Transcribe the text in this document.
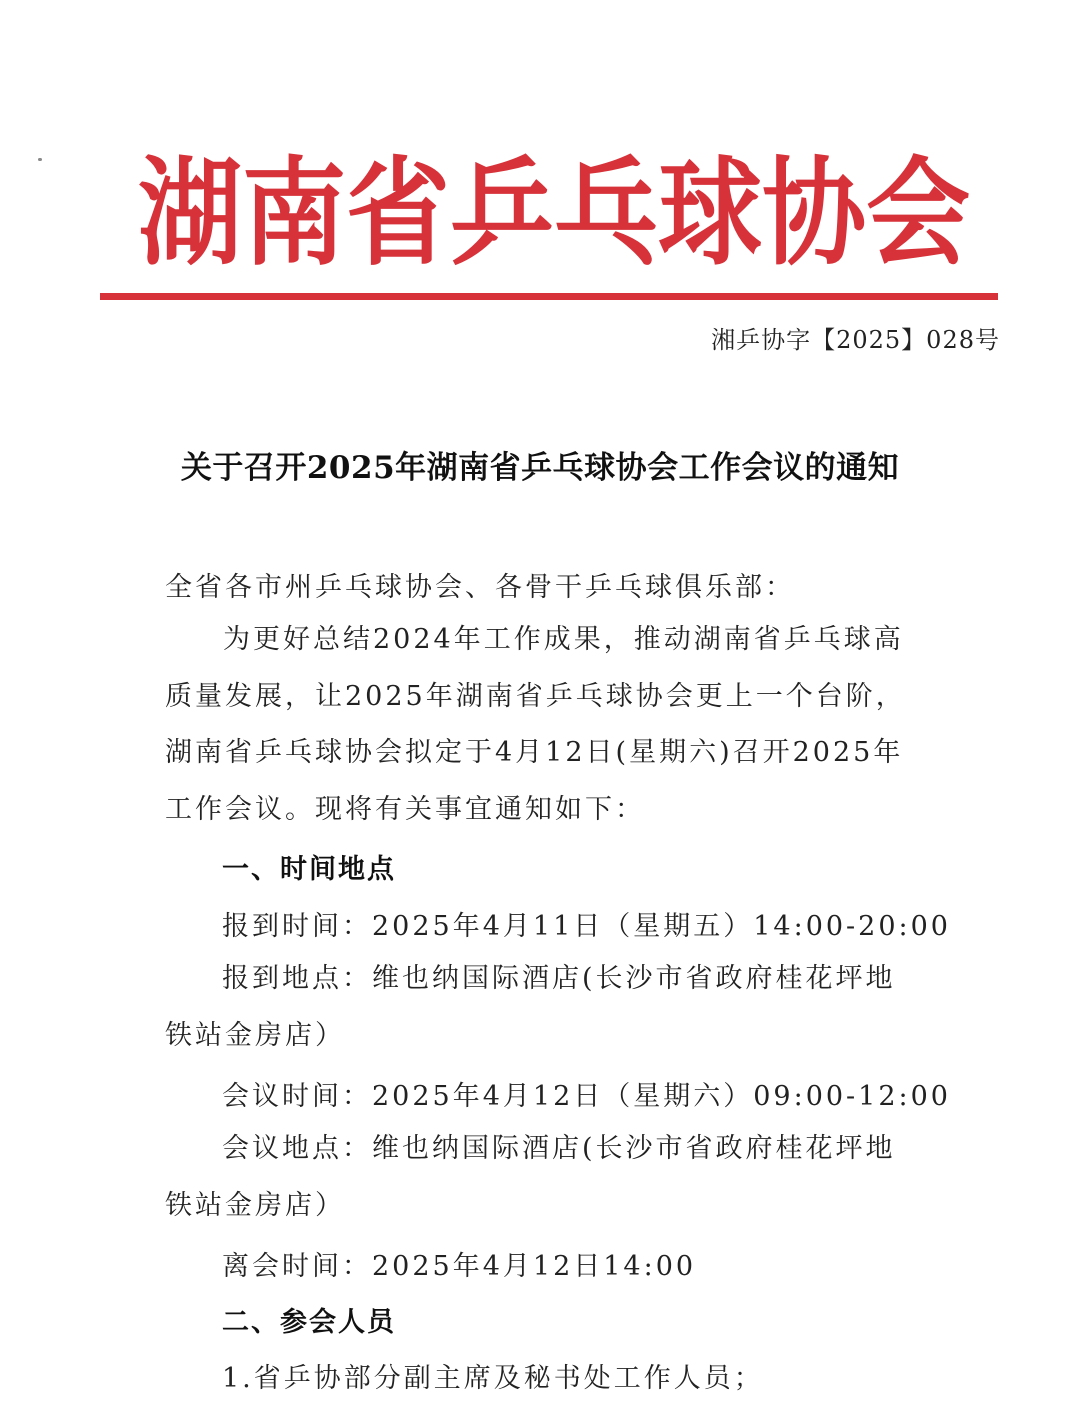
湖 南 省 乒 乓 球 协 会
湘乒协字【2025】028号
关于召开2025年湖南省乒乓球协会工作会议的通知
全省各市州乒乓球协会、各骨干乒乓球俱乐部：
为更好总结2024年工作成果，推动湖南省乒乓球高质量发展，让2025年湖南省乒乓球协会更上一个台阶，湖南省乒乓球协会拟定于4月12日(星期六)召开2025年工作会议。现将有关事宜通知如下：
一、时间地点
报到时间：2025年4月11日（星期五）14:00-20:00
报到地点：维也纳国际酒店(长沙市省政府桂花坪地铁站金房店）
会议时间：2025年4月12日（星期六）09:00-12:00
会议地点：维也纳国际酒店(长沙市省政府桂花坪地铁站金房店）
离会时间：2025年4月12日14:00
二、参会人员
1.省乒协部分副主席及秘书处工作人员；
